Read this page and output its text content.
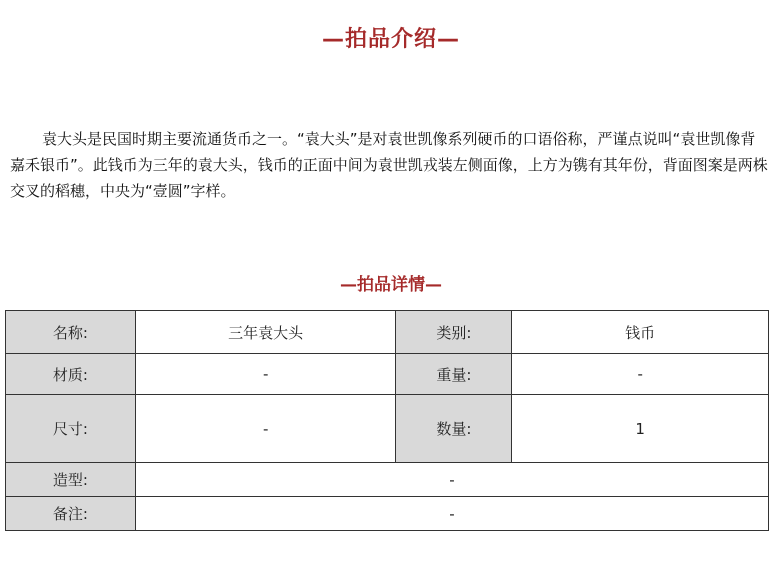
—拍品介绍—
袁大头是民国时期主要流通货币之一。“袁大头”是对袁世凯像系列硬币的口语俗称，严谨点说叫“袁世凯像背嘉禾银币”。此钱币为三年的袁大头，钱币的正面中间为袁世凯戎装左侧面像，上方为镌有其年份，背面图案是两株交叉的稻穗，中央为“壹圆”字样。
—拍品详情—
名称:	三年袁大头	类别:	钱币
材质:	-	重量:	-
尺寸:	-	数量:	1
造型:	-		
备注:	-		
